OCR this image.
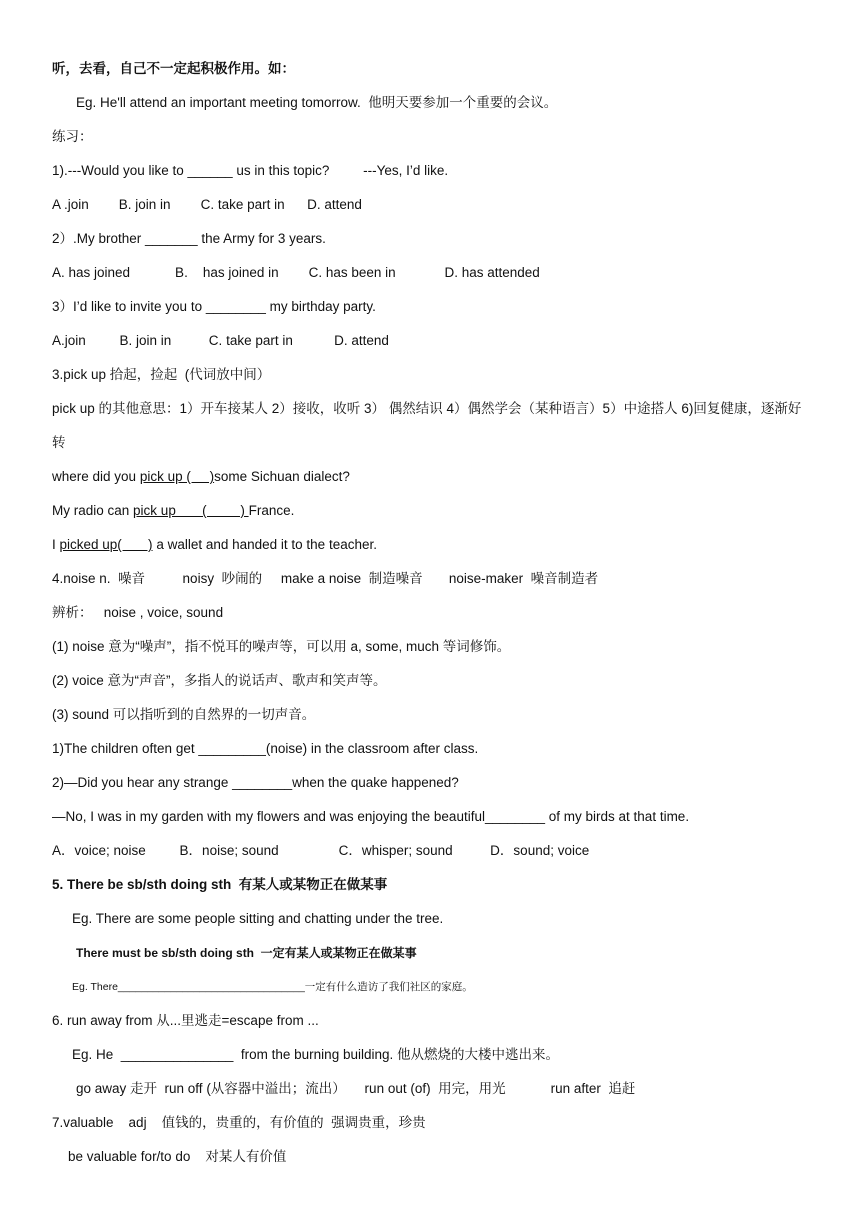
听，去看，自己不一定起积极作用。如：
Eg. He'll attend an important meeting tomorrow.  他明天要参加一个重要的会议。
练习：
1).---Would you like to ______ us in this topic?         ---Yes, I’d like.
A .join        B. join in        C. take part in      D. attend
2）.My brother _______ the Army for 3 years.
A. has joined            B.    has joined in        C. has been in             D. has attended
3）I’d like to invite you to ________ my birthday party.
A.join         B. join in          C. take part in           D. attend
3.pick up 拾起，捡起  (代词放中间）
pick up 的其他意思：1）开车接某人 2）接收，收听 3） 偶然结识 4）偶然学会（某种语言）5）中途搭人 6)回复健康，逐渐好转
where did you pick up (     )some Sichuan dialect?
My radio can pick up       (         ) France.
I picked up(       ) a wallet and handed it to the teacher.
4.noise n.  噪音          noisy  吵闹的     make a noise  制造噪音       noise-maker  噪音制造者
辨析：   noise , voice, sound
(1) noise 意为“噪声”，指不悦耳的噪声等，可以用 a, some, much 等词修饰。
(2) voice 意为“声音”，多指人的说话声、歌声和笑声等。
(3) sound 可以指听到的自然界的一切声音。
1)The children often get _________(noise) in the classroom after class.
2)—Did you hear any strange ________when the quake happened?
—No, I was in my garden with my flowers and was enjoying the beautiful________ of my birds at that time.
A．voice; noise         B．noise; sound                C．whisper; sound          D．sound; voice
5. There be sb/sth doing sth  有某人或某物正在做某事
Eg. There are some people sitting and chatting under the tree.
There must be sb/sth doing sth  一定有某人或某物正在做某事
Eg. There________________________________一定有什么造访了我们社区的家庭。
6. run away from 从...里逃走=escape from ...
Eg. He  _______________  from the burning building. 他从燃烧的大楼中逃出来。
go away 走开  run off (从容器中溢出；流出）     run out (of)  用完，用光            run after  追赶
7.valuable    adj    值钱的，贵重的，有价值的  强调贵重，珍贵
be valuable for/to do    对某人有价值
